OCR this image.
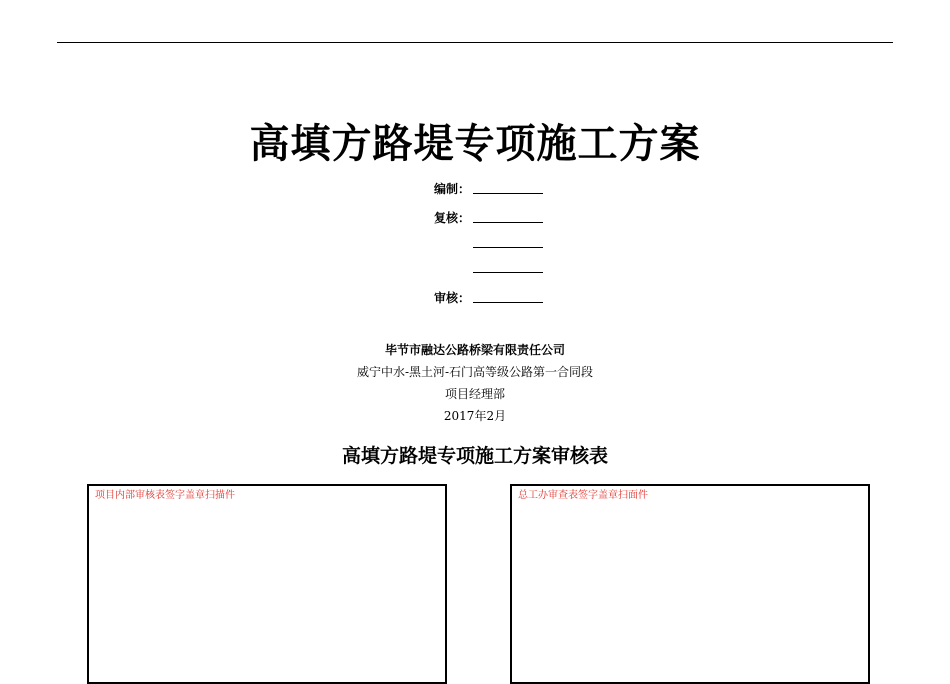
高填方路堤专项施工方案
编制：
复核：
审核：
毕节市融达公路桥梁有限责任公司
威宁中水-黑土河-石门高等级公路第一合同段
项目经理部
2017年2月
高填方路堤专项施工方案审核表
项目内部审核表签字盖章扫描件	总工办审查表签字盖章扫面件
